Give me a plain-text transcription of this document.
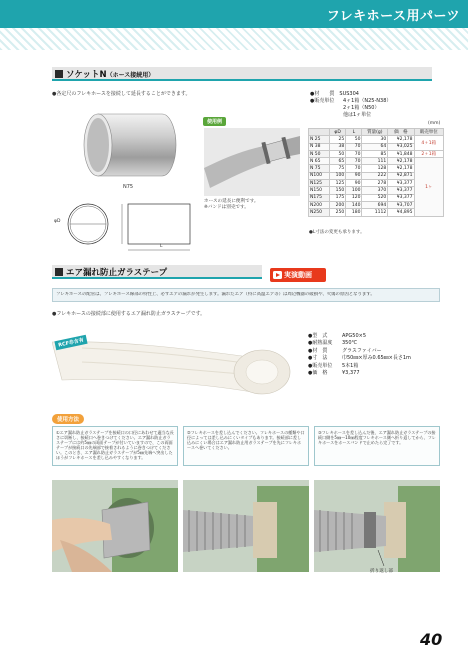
フレキホース用パーツ
ソケットN（ホース接続用）
●各定尺のフレキホースを接続して延長することができます。
N75
φD
L
使用例
ホースの延長に便利です。
※バンドは別売です。
●材　　質　 SUS304
●販売単位 4ヶ1箱（N25-N38）
2ヶ1箱（N50）
他は1ヶ単位
(mm)
	φD	L	質量(g)	価　格	販売単位
N 25	25	50	30	¥2,178	4ヶ1箱
N 38	38	70	64	¥3,025	
N 50	50	70	85	¥1,848	2ヶ1箱
N 65	65	70	111	¥2,178	1ヶ
N 75	75	70	128	¥2,178	
N100	100	90	222	¥2,871	
N125	125	90	278	¥3,377	
N150	150	100	370	¥3,377	
N175	175	120	520	¥3,377	
N200	200	140	694	¥3,707	
N250	250	180	1112	¥4,895	
●L寸法の変更も承ります。
エア漏れ防止ガラステープ	実演動画
フレキホースの配管は、フレキホース線部の特性上、必ずエアの漏れが発生します。漏れたエア（特に高温エア等）は周辺機器の破損や、火傷の原因となります。
●フレキホースの接続部に使用するエア漏れ防止ガラステープです。
RCF非含有
●型　式	APG50×5
●耐熱温度 350℃
●材　質	グラスファイバー
●寸　法	巾50㎜×厚み0.65㎜×長さ1m
●販売単位 5本1箱
●価　格	¥3,377
使用方法
①エア漏れ防止ガラステープを接続口の口径にあわせて適当な長さに切断し、接続口へ巻きつけてください。エア漏れ防止ガラステープには約5㎜の両面テープが付いていますので、この両面テープが接続口の先端部で接着されるように巻きつけてください。このとき、エア漏れ防止ガラステープが5㎜先端へ突出したほうがフレキホースを差し込みやすくなります。
②フレキホースを差し込んでください。フレキホースの種類や口径によっては差し込みにくいタイプもあります。接続部に差し込みにくい場合はエア漏れ防止用ガラステープを先にフレキホースへ巻いてください。
③フレキホースを差し込んだ後、エア漏れ防止ガラステープの接続口側を5㎜〜10㎜程度フレキホース側へ折り返してから、フレキホースをホースバンドで止めたら完了です。
折り返し部
40
